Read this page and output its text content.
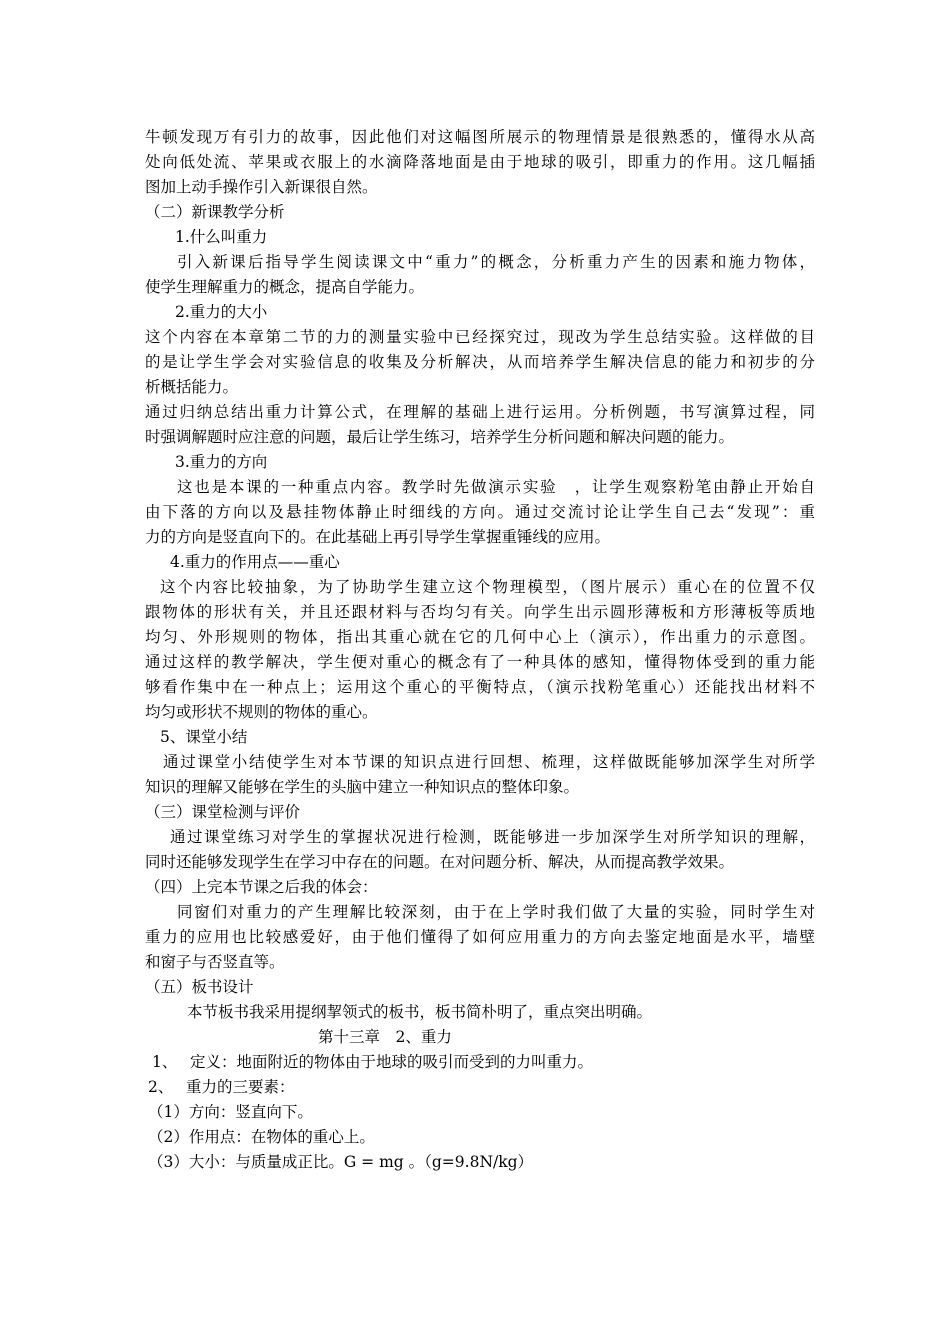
牛顿发现万有引力的故事，因此他们对这幅图所展示的物理情景是很熟悉的，懂得水从高
处向低处流、苹果或衣服上的水滴降落地面是由于地球的吸引，即重力的作用。这几幅插
图加上动手操作引入新课很自然。
（二）新课教学分析
1.什么叫重力
引入新课后指导学生阅读课文中“重力”的概念，分析重力产生的因素和施力物体，
使学生理解重力的概念，提高自学能力。
2.重力的大小
这个内容在本章第二节的力的测量实验中已经探究过，现改为学生总结实验。这样做的目
的是让学生学会对实验信息的收集及分析解决，从而培养学生解决信息的能力和初步的分
析概括能力。
通过归纳总结出重力计算公式，在理解的基础上进行运用。分析例题，书写演算过程，同
时强调解题时应注意的问题，最后让学生练习，培养学生分析问题和解决问题的能力。
3.重力的方向
这也是本课的一种重点内容。教学时先做演示实验　，让学生观察粉笔由静止开始自
由下落的方向以及悬挂物体静止时细线的方向。通过交流讨论让学生自己去“发现”：重
力的方向是竖直向下的。在此基础上再引导学生掌握重锤线的应用。
4.重力的作用点——重心
这个内容比较抽象，为了协助学生建立这个物理模型，（图片展示）重心在的位置不仅
跟物体的形状有关，并且还跟材料与否均匀有关。向学生出示圆形薄板和方形薄板等质地
均匀、外形规则的物体，指出其重心就在它的几何中心上（演示），作出重力的示意图。
通过这样的教学解决，学生便对重心的概念有了一种具体的感知，懂得物体受到的重力能
够看作集中在一种点上；运用这个重心的平衡特点，（演示找粉笔重心）还能找出材料不
均匀或形状不规则的物体的重心。
5、课堂小结
通过课堂小结使学生对本节课的知识点进行回想、梳理，这样做既能够加深学生对所学
知识的理解又能够在学生的头脑中建立一种知识点的整体印象。
（三）课堂检测与评价
通过课堂练习对学生的掌握状况进行检测，既能够进一步加深学生对所学知识的理解，
同时还能够发现学生在学习中存在的问题。在对问题分析、解决，从而提高教学效果。
（四）上完本节课之后我的体会：
同窗们对重力的产生理解比较深刻，由于在上学时我们做了大量的实验，同时学生对
重力的应用也比较感爱好，由于他们懂得了如何应用重力的方向去鉴定地面是水平，墙壁
和窗子与否竖直等。
（五）板书设计
本节板书我采用提纲挈领式的板书，板书简朴明了，重点突出明确。
第十三章　2、重力
1、　 定义：地面附近的物体由于地球的吸引而受到的力叫重力。
2、　 重力的三要素：
（1）方向：竖直向下。
（2）作用点：在物体的重心上。
（3）大小：与质量成正比。G = mg 。（g=9.8N/kg）
